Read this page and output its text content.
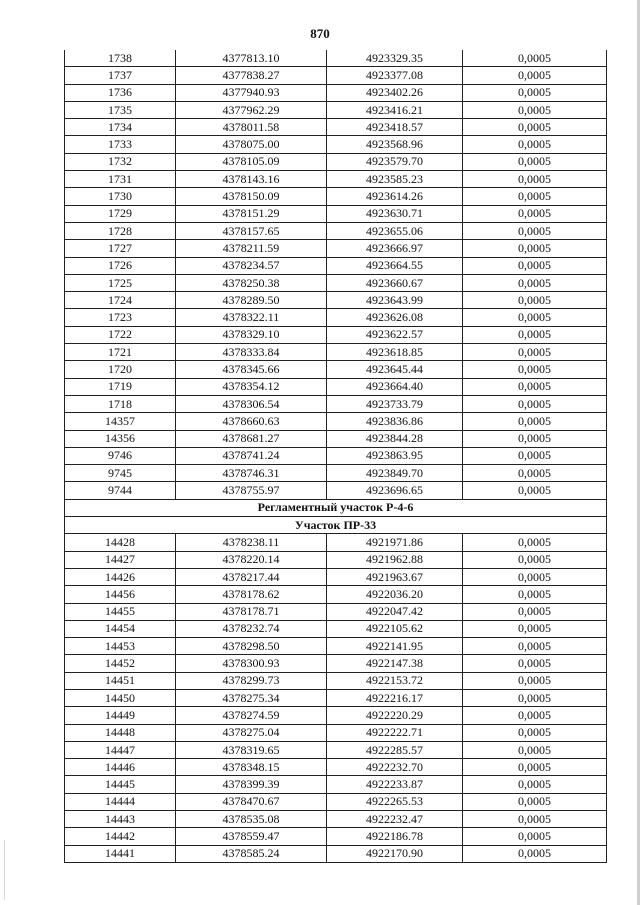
870
1738	4377813.10	4923329.35	0,0005
1737	4377838.27	4923377.08	0,0005
1736	4377940.93	4923402.26	0,0005
1735	4377962.29	4923416.21	0,0005
1734	4378011.58	4923418.57	0,0005
1733	4378075.00	4923568.96	0,0005
1732	4378105.09	4923579.70	0,0005
1731	4378143.16	4923585.23	0,0005
1730	4378150.09	4923614.26	0,0005
1729	4378151.29	4923630.71	0,0005
1728	4378157.65	4923655.06	0,0005
1727	4378211.59	4923666.97	0,0005
1726	4378234.57	4923664.55	0,0005
1725	4378250.38	4923660.67	0,0005
1724	4378289.50	4923643.99	0,0005
1723	4378322.11	4923626.08	0,0005
1722	4378329.10	4923622.57	0,0005
1721	4378333.84	4923618.85	0,0005
1720	4378345.66	4923645.44	0,0005
1719	4378354.12	4923664.40	0,0005
1718	4378306.54	4923733.79	0,0005
14357	4378660.63	4923836.86	0,0005
14356	4378681.27	4923844.28	0,0005
9746	4378741.24	4923863.95	0,0005
9745	4378746.31	4923849.70	0,0005
9744	4378755.97	4923696.65	0,0005
Регламентный участок Р-4-6			
Участок ПР-33			
14428	4378238.11	4921971.86	0,0005
14427	4378220.14	4921962.88	0,0005
14426	4378217.44	4921963.67	0,0005
14456	4378178.62	4922036.20	0,0005
14455	4378178.71	4922047.42	0,0005
14454	4378232.74	4922105.62	0,0005
14453	4378298.50	4922141.95	0,0005
14452	4378300.93	4922147.38	0,0005
14451	4378299.73	4922153.72	0,0005
14450	4378275.34	4922216.17	0,0005
14449	4378274.59	4922220.29	0,0005
14448	4378275.04	4922222.71	0,0005
14447	4378319.65	4922285.57	0,0005
14446	4378348.15	4922232.70	0,0005
14445	4378399.39	4922233.87	0,0005
14444	4378470.67	4922265.53	0,0005
14443	4378535.08	4922232.47	0,0005
14442	4378559.47	4922186.78	0,0005
14441	4378585.24	4922170.90	0,0005
